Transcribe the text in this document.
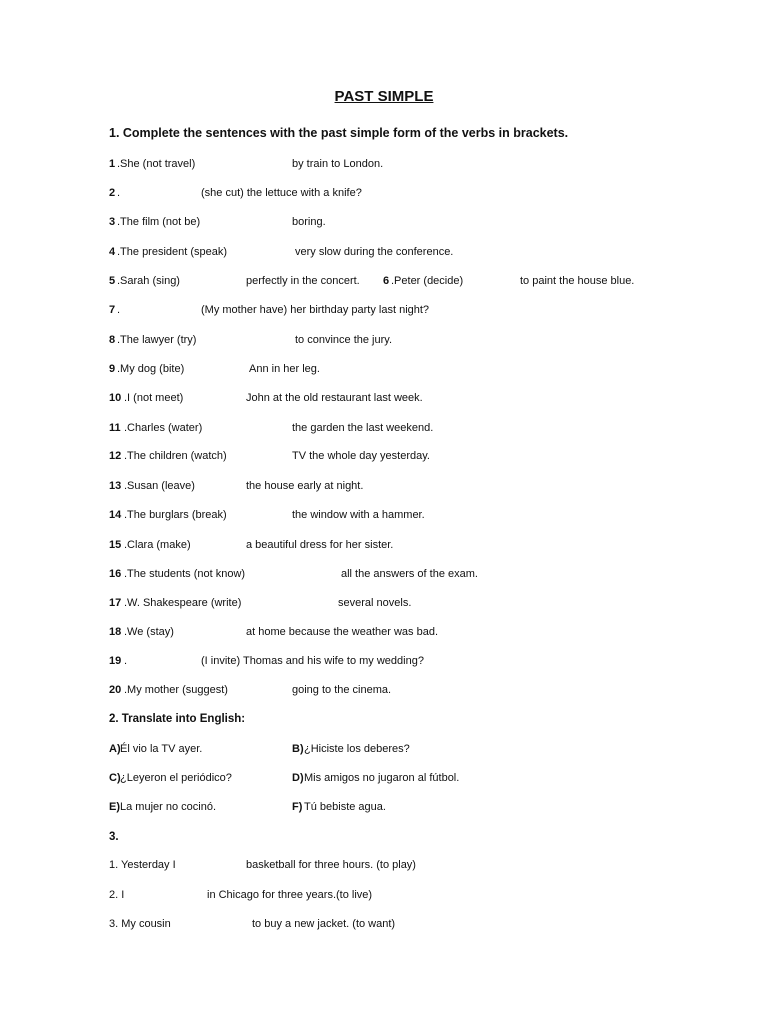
PAST SIMPLE
1. Complete the sentences with the past simple form of the verbs in brackets.
1 .She (not travel)	by train to London.
2 .	(she cut) the lettuce with a knife?
3 .The film (not be)	boring.
4 .The president (speak)	very slow during the conference.
5 .Sarah (sing)	perfectly in the concert. 6 .Peter (decide)	to paint the house blue.
7 .	(My mother have) her birthday party last night?
8 .The lawyer (try)	to convince the jury.
9 .My dog (bite)	Ann in her leg.
10 .I (not meet)	John at the old restaurant last week.
11 .Charles (water)	the garden the last weekend.
12 .The children (watch)	TV the whole day yesterday.
13 .Susan (leave)	the house early at night.
14 .The burglars (break)	the window with a hammer.
15 .Clara (make)	a beautiful dress for her sister.
16 .The students (not know)	all the answers of the exam.
17 .W. Shakespeare (write)	several novels.
18 .We (stay)	at home because the weather was bad.
19 .	(I invite) Thomas and his wife to my wedding?
20 .My mother (suggest)	going to the cinema.
2. Translate into English:
A) Él vio la TV ayer.	B) ¿Hiciste los deberes?
C) ¿Leyeron el periódico?	D) Mis amigos no jugaron al fútbol.
E) La mujer no cocinó.	F) Tú bebiste agua.
3.
1. Yesterday I	basketball for three hours. (to play)
2. I	in Chicago for three years.(to live)
3. My cousin	to buy a new jacket. (to want)
